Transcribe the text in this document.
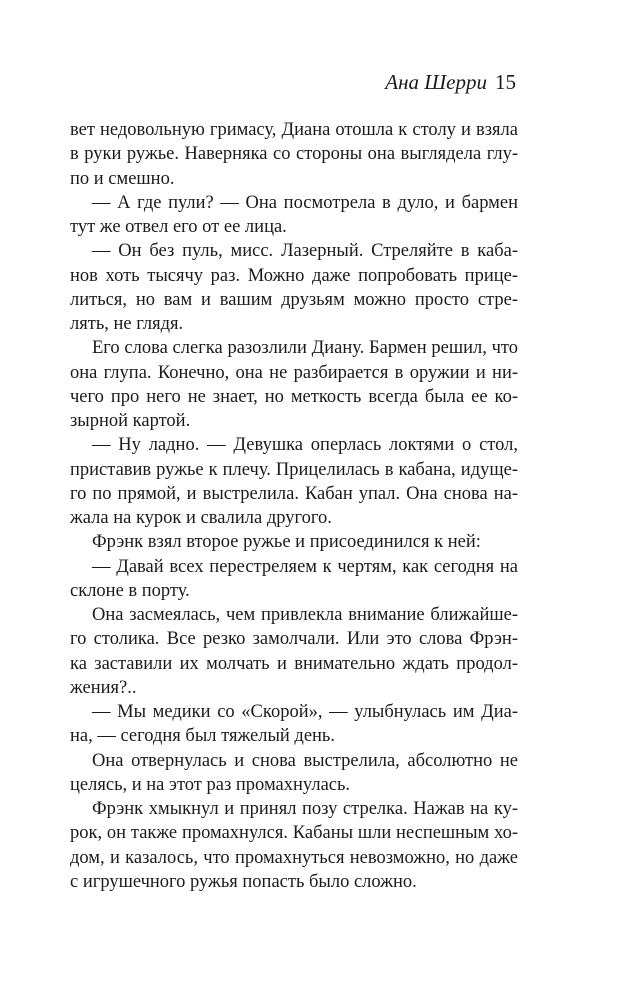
Ана Шерри 15
вет недовольную гримасу, Диана отошла к столу и взяла
в руки ружье. Наверняка со стороны она выглядела глу-
по и смешно.
— А где пули? — Она посмотрела в дуло, и бармен
тут же отвел его от ее лица.
— Он без пуль, мисс. Лазерный. Стреляйте в каба-
нов хоть тысячу раз. Можно даже попробовать прице-
литься, но вам и вашим друзьям можно просто стре-
лять, не глядя.
Его слова слегка разозлили Диану. Бармен решил, что
она глупа. Конечно, она не разбирается в оружии и ни-
чего про него не знает, но меткость всегда была ее ко-
зырной картой.
— Ну ладно. — Девушка оперлась локтями о стол,
приставив ружье к плечу. Прицелилась в кабана, идуще-
го по прямой, и выстрелила. Кабан упал. Она снова на-
жала на курок и свалила другого.
Фрэнк взял второе ружье и присоединился к ней:
— Давай всех перестреляем к чертям, как сегодня на
склоне в порту.
Она засмеялась, чем привлекла внимание ближайше-
го столика. Все резко замолчали. Или это слова Фрэн-
ка заставили их молчать и внимательно ждать продол-
жения?..
— Мы медики со «Скорой», — улыбнулась им Диа-
на, — сегодня был тяжелый день.
Она отвернулась и снова выстрелила, абсолютно не
целясь, и на этот раз промахнулась.
Фрэнк хмыкнул и принял позу стрелка. Нажав на ку-
рок, он также промахнулся. Кабаны шли неспешным хо-
дом, и казалось, что промахнуться невозможно, но даже
с игрушечного ружья попасть было сложно.
